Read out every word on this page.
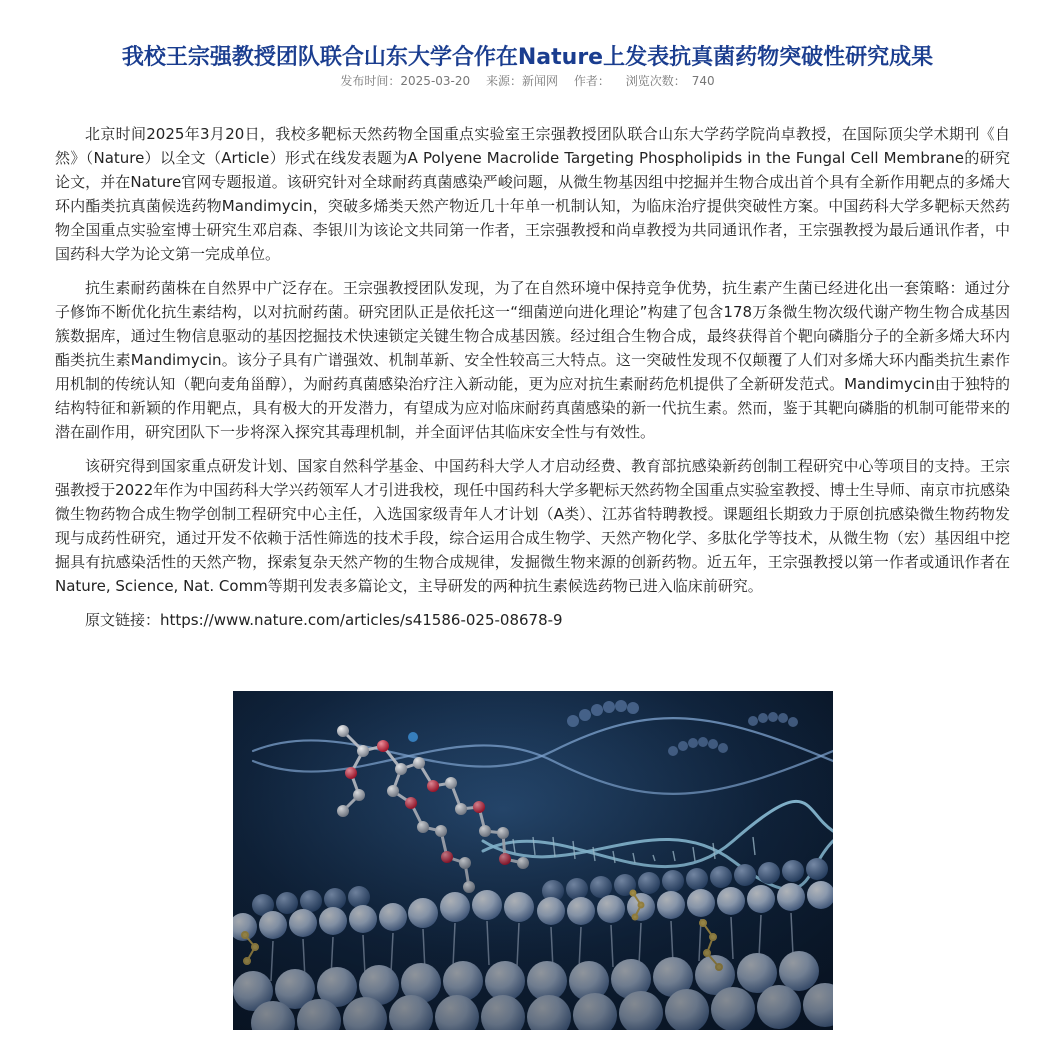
我校王宗强教授团队联合山东大学合作在Nature上发表抗真菌药物突破性研究成果
发布时间：2025-03-20 来源：新闻网 作者： 浏览次数： 740

北京时间2025年3月20日，我校多靶标天然药物全国重点实验室王宗强教授团队联合山东大学药学院尚卓教授，在国际顶尖学术期刊《自然》（Nature）以全文（Article）形式在线发表题为A Polyene Macrolide Targeting Phospholipids in the Fungal Cell Membrane的研究论文，并在Nature官网专题报道。该研究针对全球耐药真菌感染严峻问题，从微生物基因组中挖掘并生物合成出首个具有全新作用靶点的多烯大环内酯类抗真菌候选药物Mandimycin，突破多烯类天然产物近几十年单一机制认知，为临床治疗提供突破性方案。中国药科大学多靶标天然药物全国重点实验室博士研究生邓启森、李银川为该论文共同第一作者，王宗强教授和尚卓教授为共同通讯作者，王宗强教授为最后通讯作者，中国药科大学为论文第一完成单位。

抗生素耐药菌株在自然界中广泛存在。王宗强教授团队发现，为了在自然环境中保持竞争优势，抗生素产生菌已经进化出一套策略：通过分子修饰不断优化抗生素结构，以对抗耐药菌。研究团队正是依托这一“细菌逆向进化理论”构建了包含178万条微生物次级代谢产物生物合成基因簇数据库，通过生物信息驱动的基因挖掘技术快速锁定关键生物合成基因簇。经过组合生物合成，最终获得首个靶向磷脂分子的全新多烯大环内酯类抗生素Mandimycin。该分子具有广谱强效、机制革新、安全性较高三大特点。这一突破性发现不仅颠覆了人们对多烯大环内酯类抗生素作用机制的传统认知（靶向麦角甾醇），为耐药真菌感染治疗注入新动能，更为应对抗生素耐药危机提供了全新研发范式。Mandimycin由于独特的结构特征和新颖的作用靶点，具有极大的开发潜力，有望成为应对临床耐药真菌感染的新一代抗生素。然而，鉴于其靶向磷脂的机制可能带来的潜在副作用，研究团队下一步将深入探究其毒理机制，并全面评估其临床安全性与有效性。

该研究得到国家重点研发计划、国家自然科学基金、中国药科大学人才启动经费、教育部抗感染新药创制工程研究中心等项目的支持。王宗强教授于2022年作为中国药科大学兴药领军人才引进我校，现任中国药科大学多靶标天然药物全国重点实验室教授、博士生导师、南京市抗感染微生物药物合成生物学创制工程研究中心主任，入选国家级青年人才计划（A类）、江苏省特聘教授。课题组长期致力于原创抗感染微生物药物发现与成药性研究，通过开发不依赖于活性筛选的技术手段，综合运用合成生物学、天然产物化学、多肽化学等技术，从微生物（宏）基因组中挖掘具有抗感染活性的天然产物，探索复杂天然产物的生物合成规律，发掘微生物来源的创新药物。近五年，王宗强教授以第一作者或通讯作者在Nature, Science, Nat. Comm等期刊发表多篇论文，主导研发的两种抗生素候选药物已进入临床前研究。

原文链接：https://www.nature.com/articles/s41586-025-08678-9
